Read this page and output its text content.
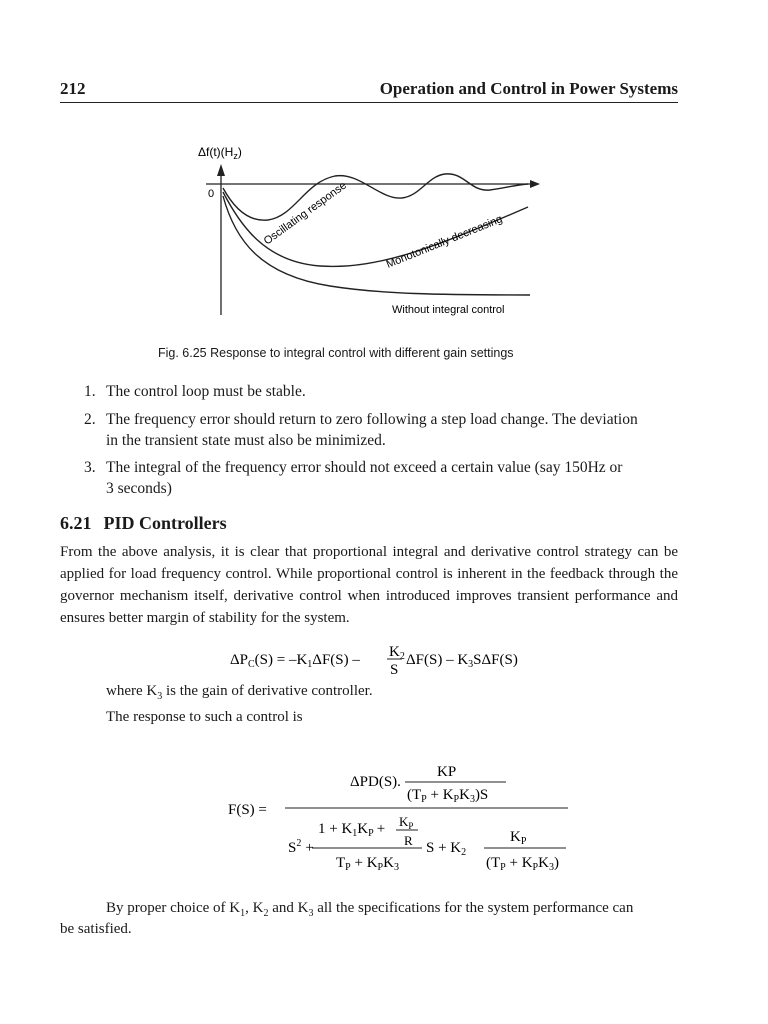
212	Operation and Control in Power Systems
$\Delta f(t)(H_z)$
0	Oscillating response	Monotonically decreasing
Without integral control
Fig. 6.25 Response to integral control with different gain settings
1. The control loop must be stable.
2. The frequency error should return to zero following a step load change. The deviation
in the transient state must also be minimized.
3. The integral of the frequency error should not exceed a certain value (say 150Hz or
3 seconds)
6.21 PID Controllers
From the above analysis, it is clear that proportional integral and derivative control strategy can be applied for load frequency control. While proportional control is inherent in the feedback through the governor mechanism itself, derivative control when introduced improves transient performance and ensures better margin of stability for the system.
$\Delta P_C(S) = -K_1\Delta F(S) - K_2$
S
$\Delta F(S) - K_3S\Delta F(S)$
where $K_3$ is the gain of derivative controller.
The response to such a control is
F(S) =
KP
ΔPD(S).
$(T_P + K_PK_3)S$
$1 + K_1K_P + K_P$
R
$S^2$ +	$S + K_2$
$T_P + K_PK_3$
$K_P$
$(T_P + K_PK_3)$
By proper choice of $K_1$, $K_2$ and $K_3$ all the specifications for the system performance can
be satisfied.
